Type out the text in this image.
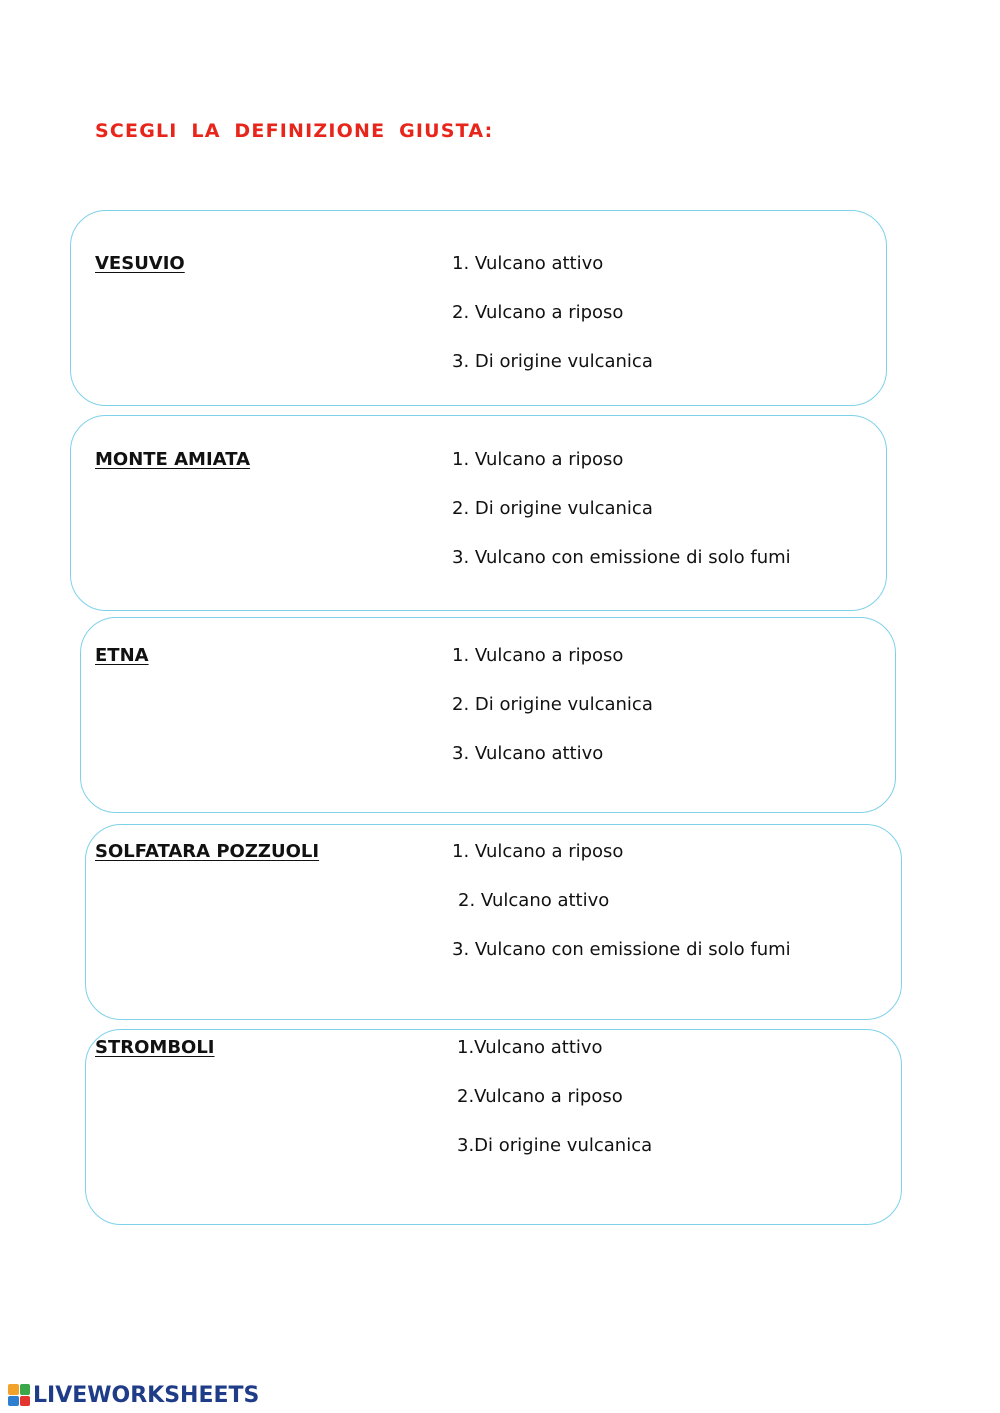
SCEGLI LA DEFINIZIONE GIUSTA:
VESUVIO	1. Vulcano attivo
2. Vulcano a riposo
3. Di origine vulcanica
MONTE AMIATA	1. Vulcano a riposo
2. Di origine vulcanica
3. Vulcano con emissione di solo fumi
ETNA	1. Vulcano a riposo
2. Di origine vulcanica
3. Vulcano attivo
SOLFATARA POZZUOLI	1. Vulcano a riposo
2. Vulcano attivo
3. Vulcano con emissione di solo fumi
STROMBOLI	1.Vulcano attivo
2.Vulcano a riposo
3.Di origine vulcanica
LIVEWORKSHEETS
